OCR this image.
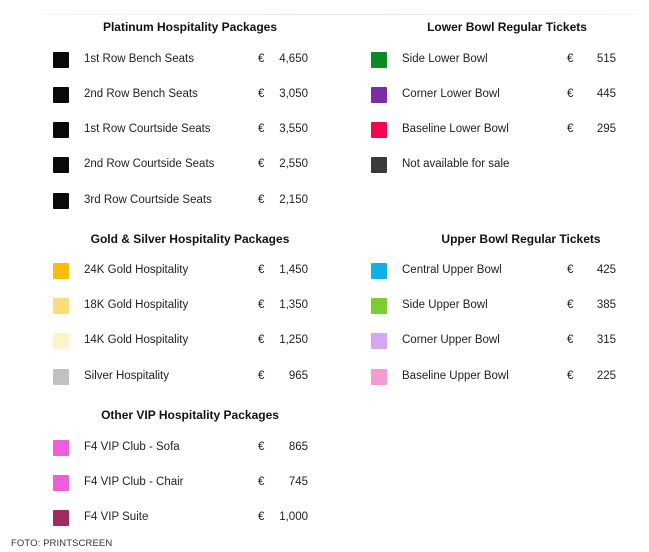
Platinum Hospitality Packages
1st Row Bench Seats	€	4,650
2nd Row Bench Seats	€	3,050
1st Row Courtside Seats	€	3,550
2nd Row Courtside Seats	€	2,550
3rd Row Courtside Seats	€	2,150
Gold & Silver Hospitality Packages
24K Gold Hospitality	€	1,450
18K Gold Hospitality	€	1,350
14K Gold Hospitality	€	1,250
Silver Hospitality	€	965
Other VIP Hospitality Packages
F4 VIP Club - Sofa	€	865
F4 VIP Club - Chair	€	745
F4 VIP Suite	€	1,000
Lower Bowl Regular Tickets
Side Lower Bowl	€	515
Corner Lower Bowl	€	445
Baseline Lower Bowl	€	295
Not available for sale
Upper Bowl Regular Tickets
Central Upper Bowl	€	425
Side Upper Bowl	€	385
Corner Upper Bowl	€	315
Baseline Upper Bowl	€	225
FOTO: PRINTSCREEN
